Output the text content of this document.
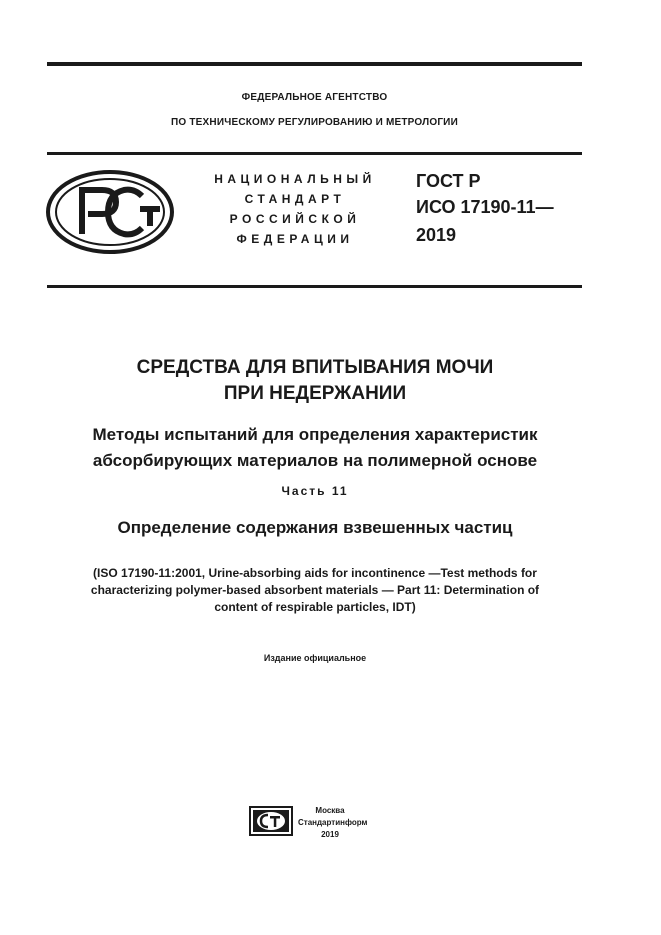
ФЕДЕРАЛЬНОЕ АГЕНТСТВО
ПО ТЕХНИЧЕСКОМУ РЕГУЛИРОВАНИЮ И МЕТРОЛОГИИ
НАЦИОНАЛЬНЫЙ
СТАНДАРТ
РОССИЙСКОЙ
ФЕДЕРАЦИИ
ГОСТ Р
ИСО 17190-11—
2019
СРЕДСТВА ДЛЯ ВПИТЫВАНИЯ МОЧИ
ПРИ НЕДЕРЖАНИИ
Методы испытаний для определения характеристик
абсорбирующих материалов на полимерной основе
Часть 11
Определение содержания взвешенных частиц
(ISO 17190-11:2001, Urine-absorbing aids for incontinence —Test methods for
characterizing polymer-based absorbent materials — Part 11: Determination of
content of respirable particles, IDT)
Издание официальное
Москва
Стандартинформ
2019
